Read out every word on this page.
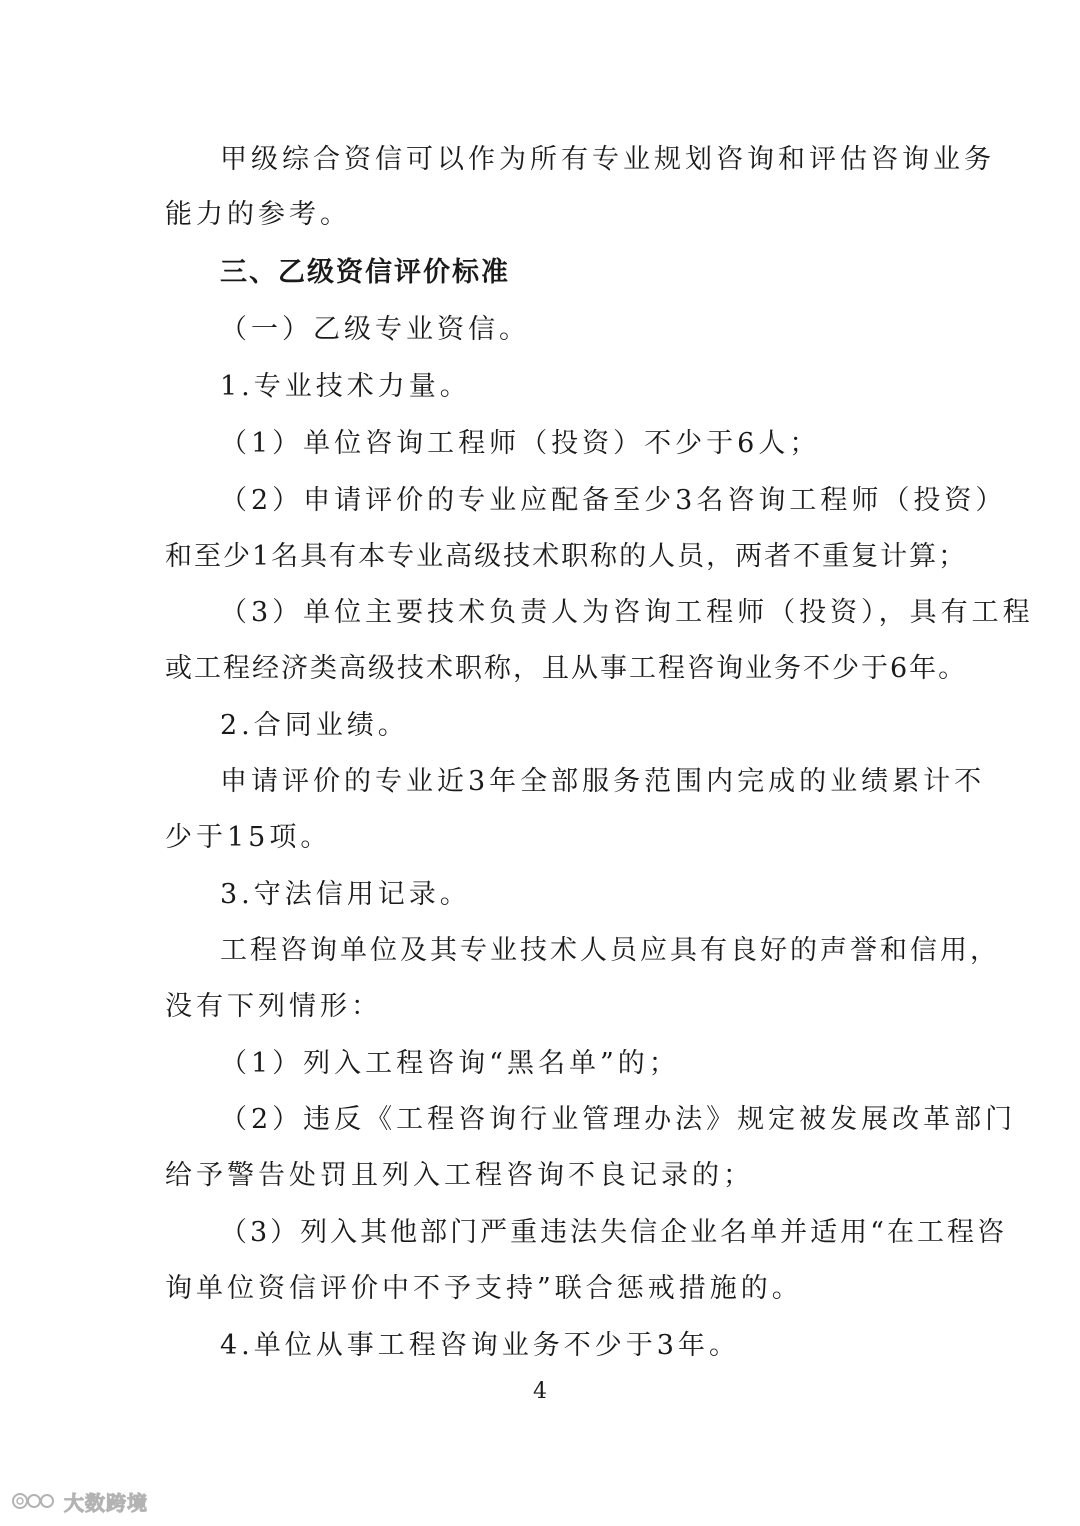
甲级综合资信可以作为所有专业规划咨询和评估咨询业务
能力的参考。
三、乙级资信评价标准
（一）乙级专业资信。
1.专业技术力量。
（1）单位咨询工程师（投资）不少于6人；
（2）申请评价的专业应配备至少3名咨询工程师（投资）
和至少1名具有本专业高级技术职称的人员，两者不重复计算；
（3）单位主要技术负责人为咨询工程师（投资），具有工程
或工程经济类高级技术职称，且从事工程咨询业务不少于6年。
2.合同业绩。
申请评价的专业近3年全部服务范围内完成的业绩累计不
少于15项。
3.守法信用记录。
工程咨询单位及其专业技术人员应具有良好的声誉和信用，
没有下列情形：
（1）列入工程咨询“黑名单”的；
（2）违反《工程咨询行业管理办法》规定被发展改革部门
给予警告处罚且列入工程咨询不良记录的；
（3）列入其他部门严重违法失信企业名单并适用“在工程咨
询单位资信评价中不予支持”联合惩戒措施的。
4.单位从事工程咨询业务不少于3年。
4
大数跨境
